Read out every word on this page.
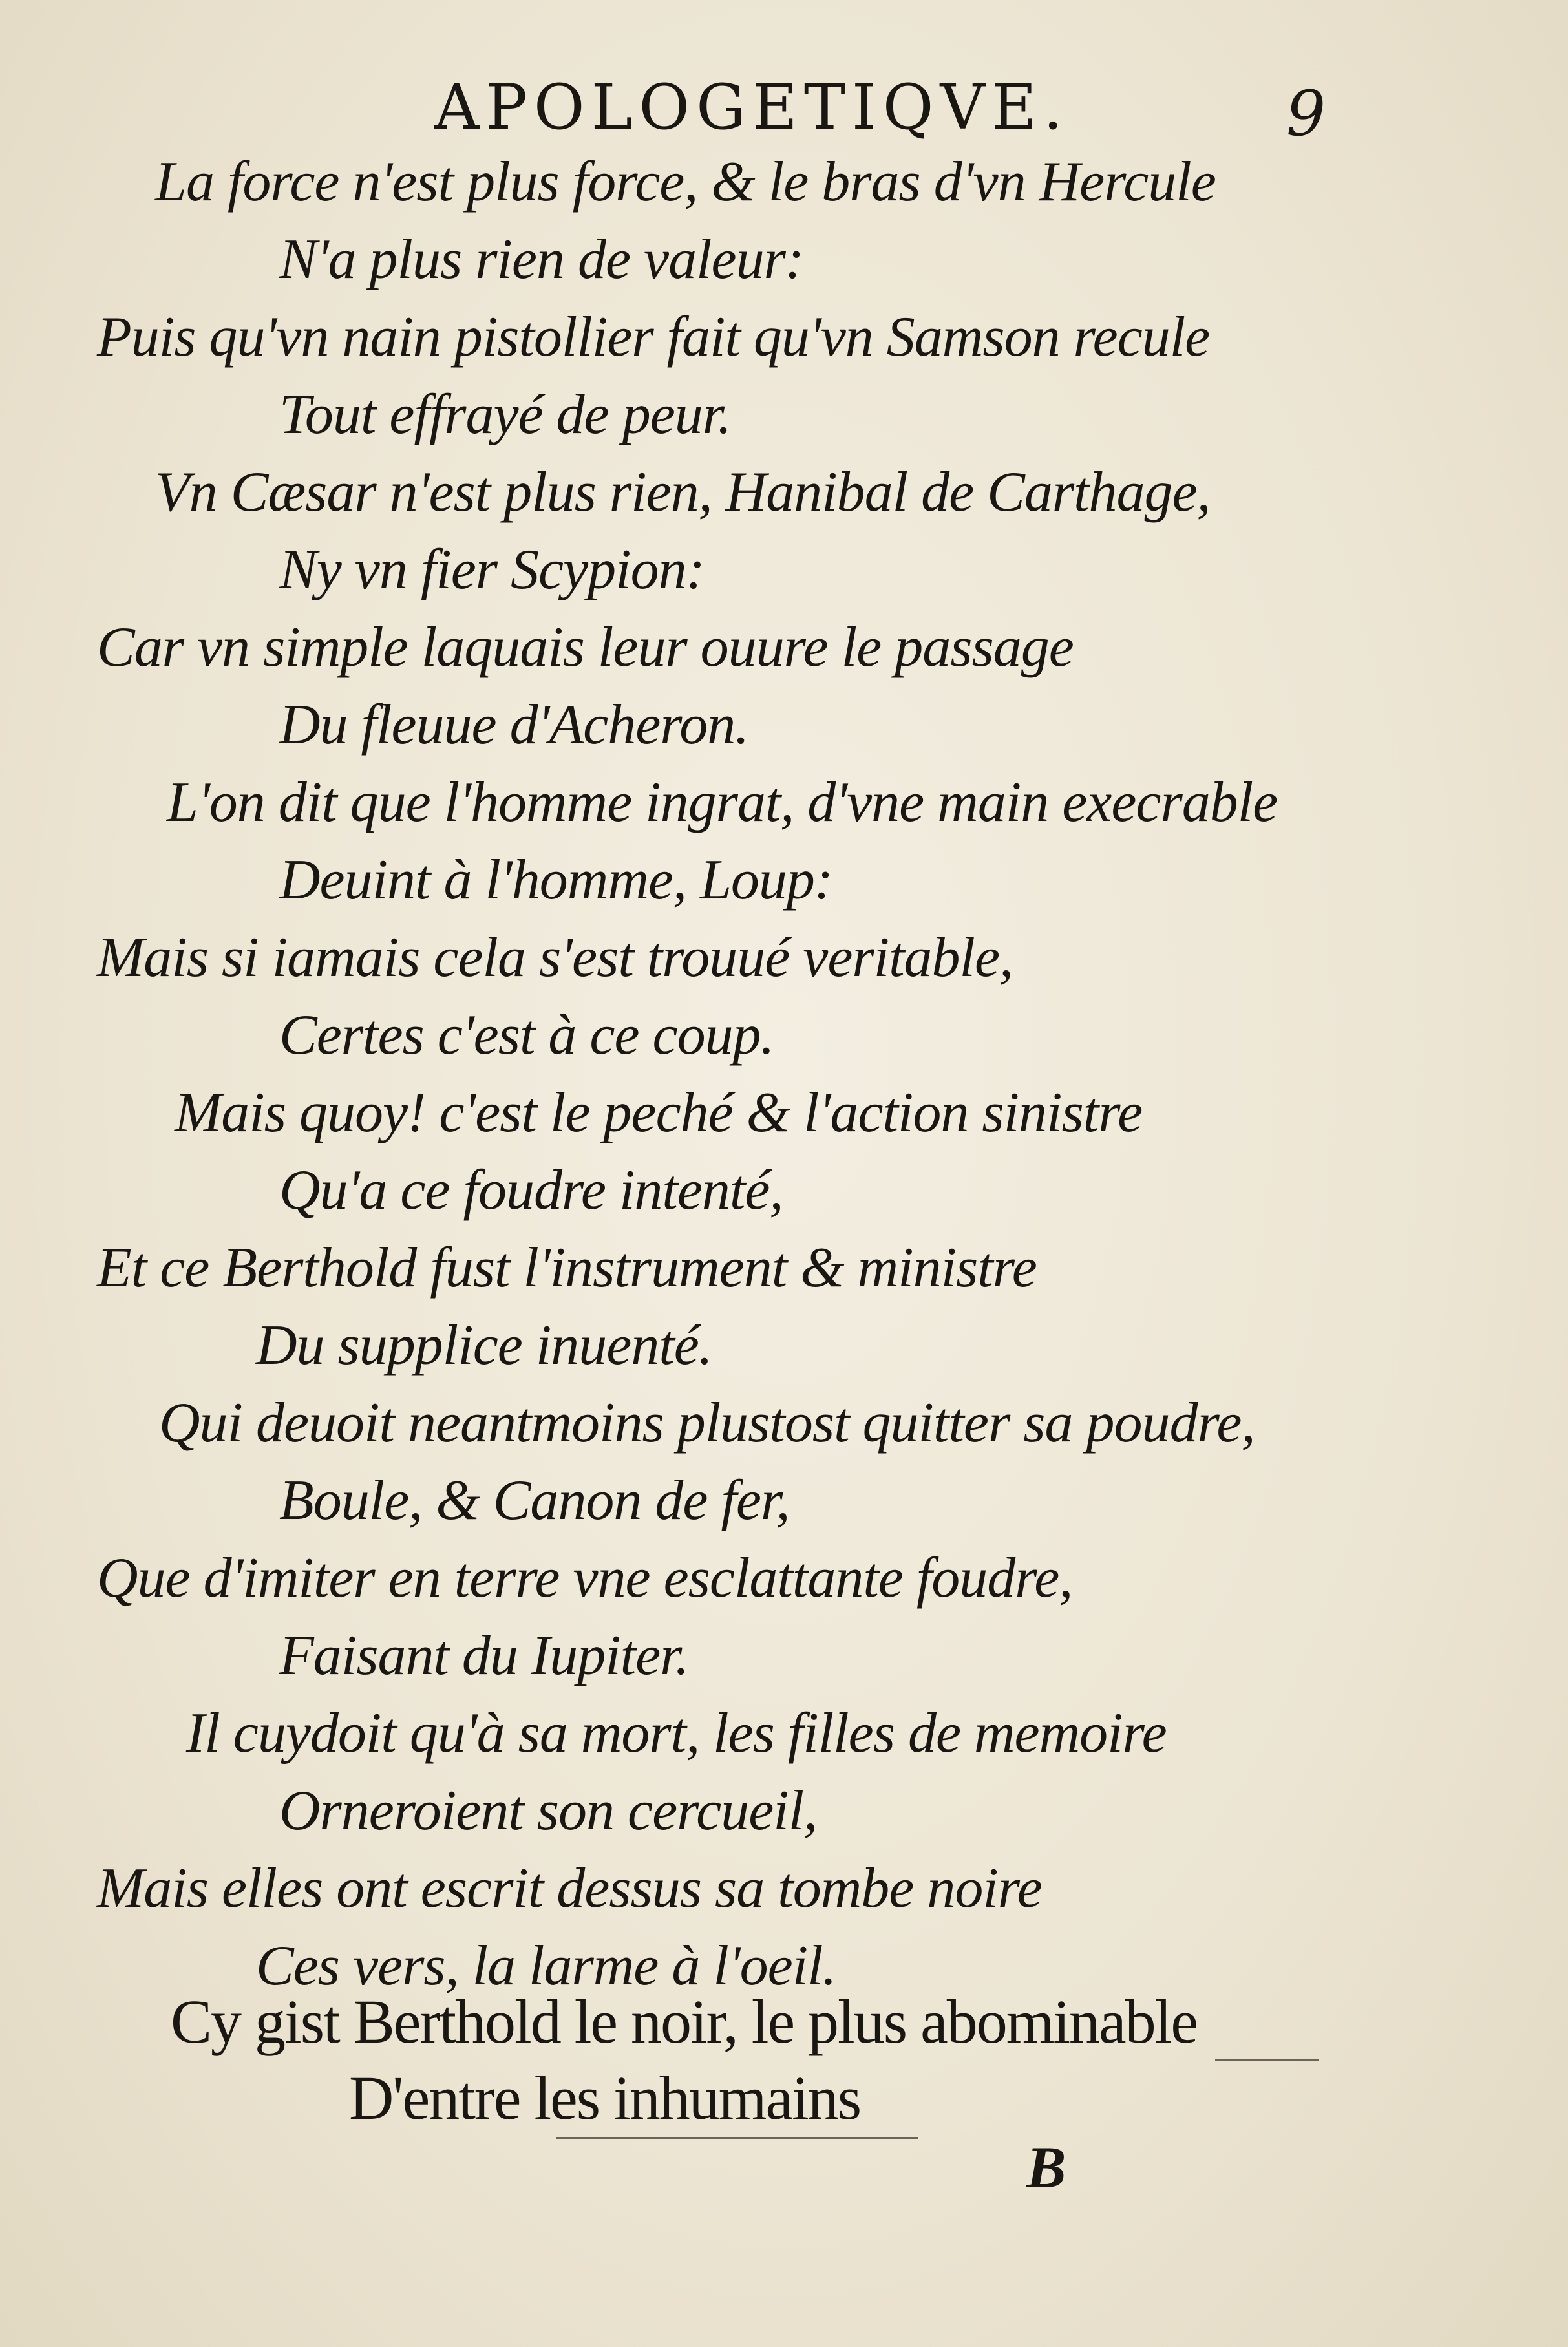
APOLOGETIQVE.	9
La force n'est plus force, & le bras d'vn Hercule
N'a plus rien de valeur:
Puis qu'vn nain pistollier fait qu'vn Samson recule
Tout effrayé de peur.
Vn Cæsar n'est plus rien, Hanibal de Carthage,
Ny vn fier Scypion:
Car vn simple laquais leur ouure le passage
Du fleuue d'Acheron.
L'on dit que l'homme ingrat, d'vne main execrable
Deuint à l'homme, Loup:
Mais si iamais cela s'est trouué veritable,
Certes c'est à ce coup.
Mais quoy! c'est le peché & l'action sinistre
Qu'a ce foudre intenté,
Et ce Berthold fust l'instrument & ministre
Du supplice inuenté.
Qui deuoit neantmoins plustost quitter sa poudre,
Boule, & Canon de fer,
Que d'imiter en terre vne esclattante foudre,
Faisant du Iupiter.
Il cuydoit qu'à sa mort, les filles de memoire
Orneroient son cercueil,
Mais elles ont escrit dessus sa tombe noire
Ces vers, la larme à l'oeil.
Cy gist Berthold le noir, le plus abominable
D'entre les inhumains
B
